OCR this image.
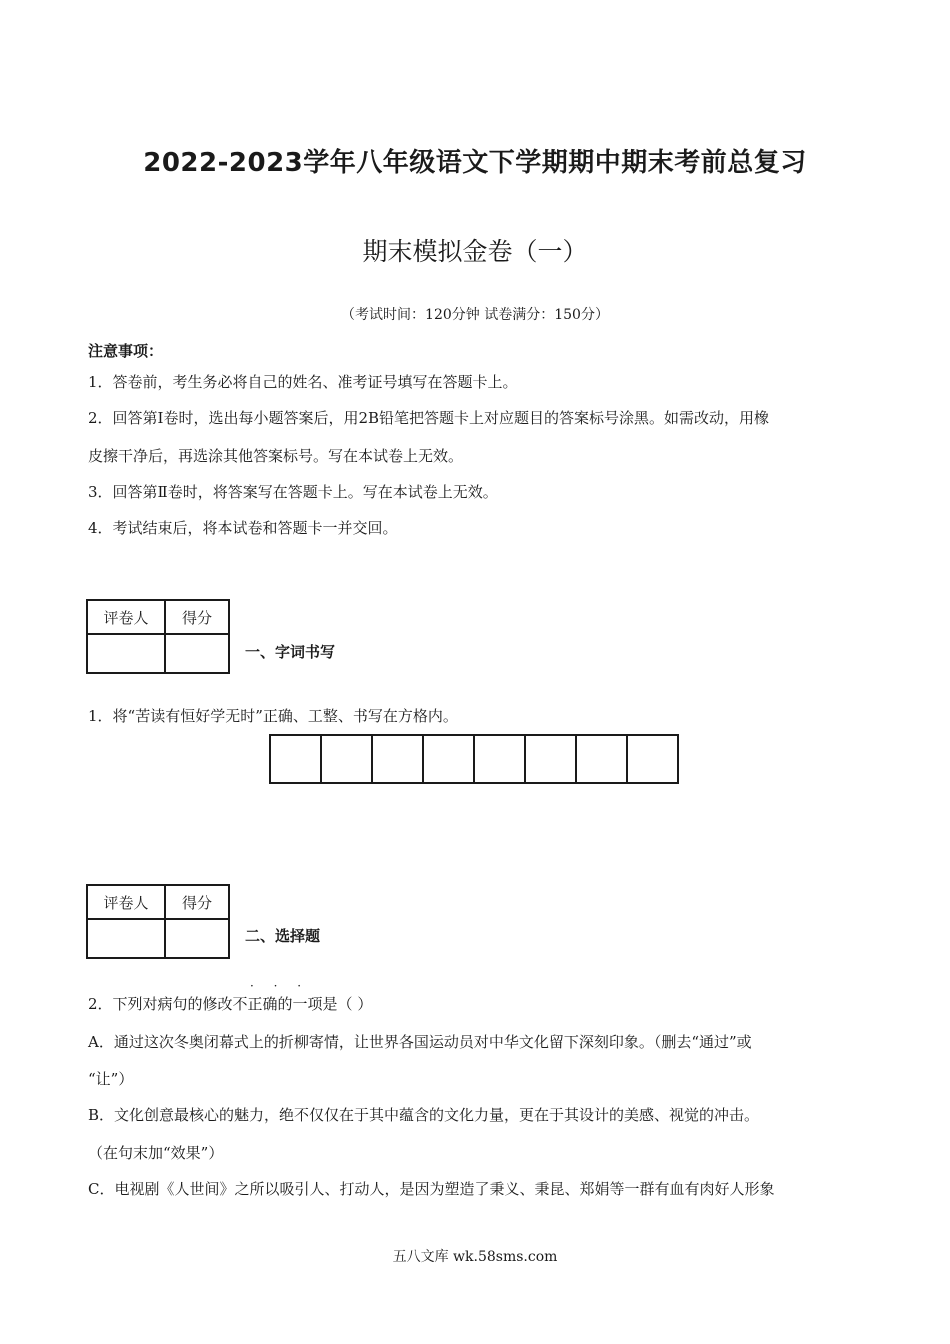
2022-2023学年八年级语文下学期期中期末考前总复习
期末模拟金卷（一）
（考试时间：120分钟 试卷满分：150分）
注意事项：
1．答卷前，考生务必将自己的姓名、准考证号填写在答题卡上。
2．回答第Ⅰ卷时，选出每小题答案后，用2B铅笔把答题卡上对应题目的答案标号涂黑。如需改动，用橡
皮擦干净后，再选涂其他答案标号。写在本试卷上无效。
3．回答第Ⅱ卷时，将答案写在答题卡上。写在本试卷上无效。
4．考试结束后，将本试卷和答题卡一并交回。
评卷人	得分

一、字词书写
1．将“苦读有恒好学无时”正确、工整、书写在方格内。
评卷人	得分

二、选择题
· · ·
2．下列对病句的修改不正确的一项是（ ）
A．通过这次冬奥闭幕式上的折柳寄情，让世界各国运动员对中华文化留下深刻印象。（删去“通过”或
“让”）
B．文化创意最核心的魅力，绝不仅仅在于其中蕴含的文化力量，更在于其设计的美感、视觉的冲击。
（在句末加“效果”）
C．电视剧《人世间》之所以吸引人、打动人，是因为塑造了秉义、秉昆、郑娟等一群有血有肉好人形象
五八文库 wk.58sms.com
